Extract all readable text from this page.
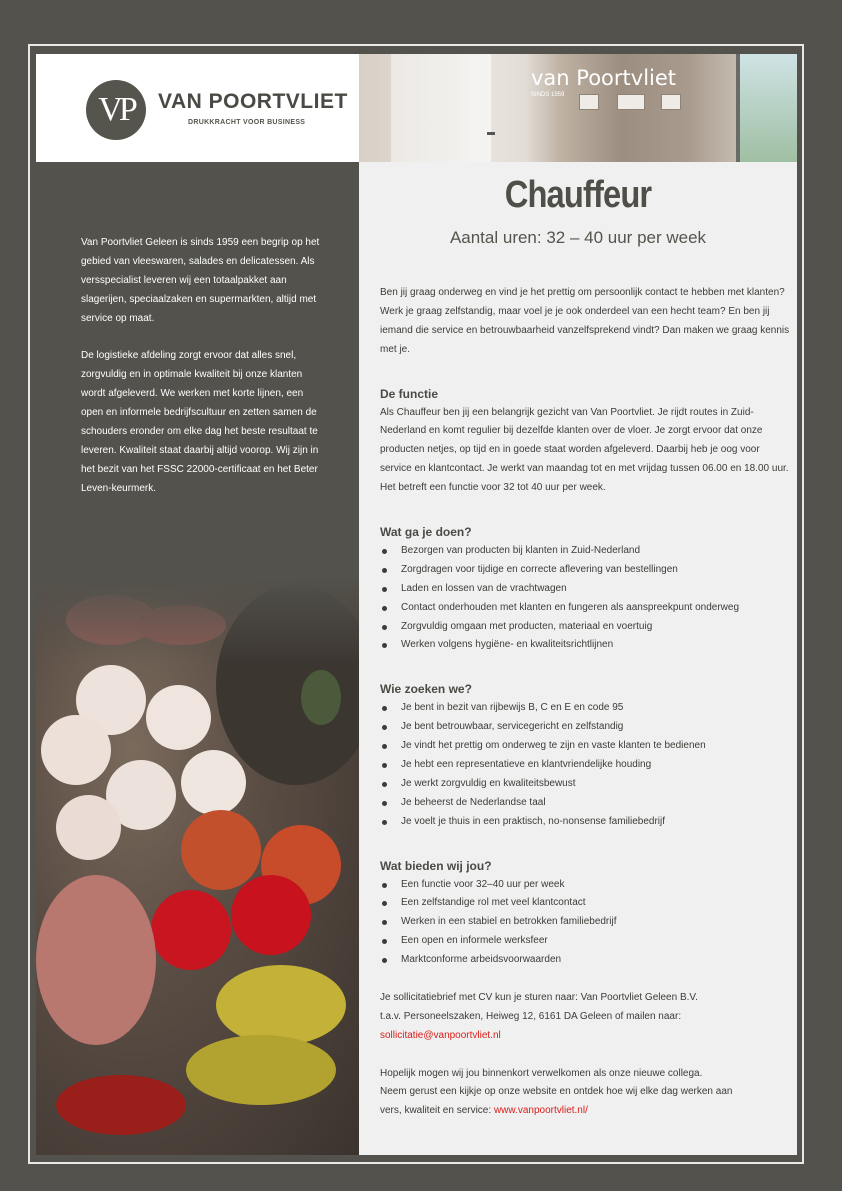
VP	VAN POORTVLIET
DRUKKRACHT VOOR BUSINESS
van Poortvliet
SINDS 1959

Van Poortvliet Geleen is sinds 1959 een begrip op het gebied van vleeswaren, salades en delicatessen. Als versspecialist leveren wij een totaalpakket aan slagerijen, speciaalzaken en supermarkten, altijd met service op maat.

De logistieke afdeling zorgt ervoor dat alles snel, zorgvuldig en in optimale kwaliteit bij onze klanten wordt afgeleverd. We werken met korte lijnen, een open en informele bedrijfscultuur en zetten samen de schouders eronder om elke dag het beste resultaat te leveren. Kwaliteit staat daarbij altijd voorop. Wij zijn in het bezit van het FSSC 22000-certificaat en het Beter Leven-keurmerk.

Chauffeur
Aantal uren: 32 – 40 uur per week

Ben jij graag onderweg en vind je het prettig om persoonlijk contact te hebben met klanten? Werk je graag zelfstandig, maar voel je je ook onderdeel van een hecht team? En ben jij iemand die service en betrouwbaarheid vanzelfsprekend vindt? Dan maken we graag kennis met je.

De functie

Als Chauffeur ben jij een belangrijk gezicht van Van Poortvliet. Je rijdt routes in Zuid-Nederland en komt regulier bij dezelfde klanten over de vloer. Je zorgt ervoor dat onze producten netjes, op tijd en in goede staat worden afgeleverd. Daarbij heb je oog voor service en klantcontact. Je werkt van maandag tot en met vrijdag tussen 06.00 en 18.00 uur. Het betreft een functie voor 32 tot 40 uur per week.

Wat ga je doen?
Bezorgen van producten bij klanten in Zuid-Nederland
Zorgdragen voor tijdige en correcte aflevering van bestellingen
Laden en lossen van de vrachtwagen
Contact onderhouden met klanten en fungeren als aanspreekpunt onderweg
Zorgvuldig omgaan met producten, materiaal en voertuig
Werken volgens hygiëne- en kwaliteitsrichtlijnen
Wie zoeken we?
Je bent in bezit van rijbewijs B, C en E en code 95
Je bent betrouwbaar, servicegericht en zelfstandig
Je vindt het prettig om onderweg te zijn en vaste klanten te bedienen
Je hebt een representatieve en klantvriendelijke houding
Je werkt zorgvuldig en kwaliteitsbewust
Je beheerst de Nederlandse taal
Je voelt je thuis in een praktisch, no-nonsense familiebedrijf
Wat bieden wij jou?
Een functie voor 32–40 uur per week
Een zelfstandige rol met veel klantcontact
Werken in een stabiel en betrokken familiebedrijf
Een open en informele werksfeer
Marktconforme arbeidsvoorwaarden

Je sollicitatiebrief met CV kun je sturen naar: Van Poortvliet Geleen B.V.

t.a.v. Personeelszaken, Heiweg 12, 6161 DA Geleen of mailen naar:

sollicitatie@vanpoortvliet.nl

Hopelijk mogen wij jou binnenkort verwelkomen als onze nieuwe collega.

Neem gerust een kijkje op onze website en ontdek hoe wij elke dag werken aan

vers, kwaliteit en service: www.vanpoortvliet.nl/
